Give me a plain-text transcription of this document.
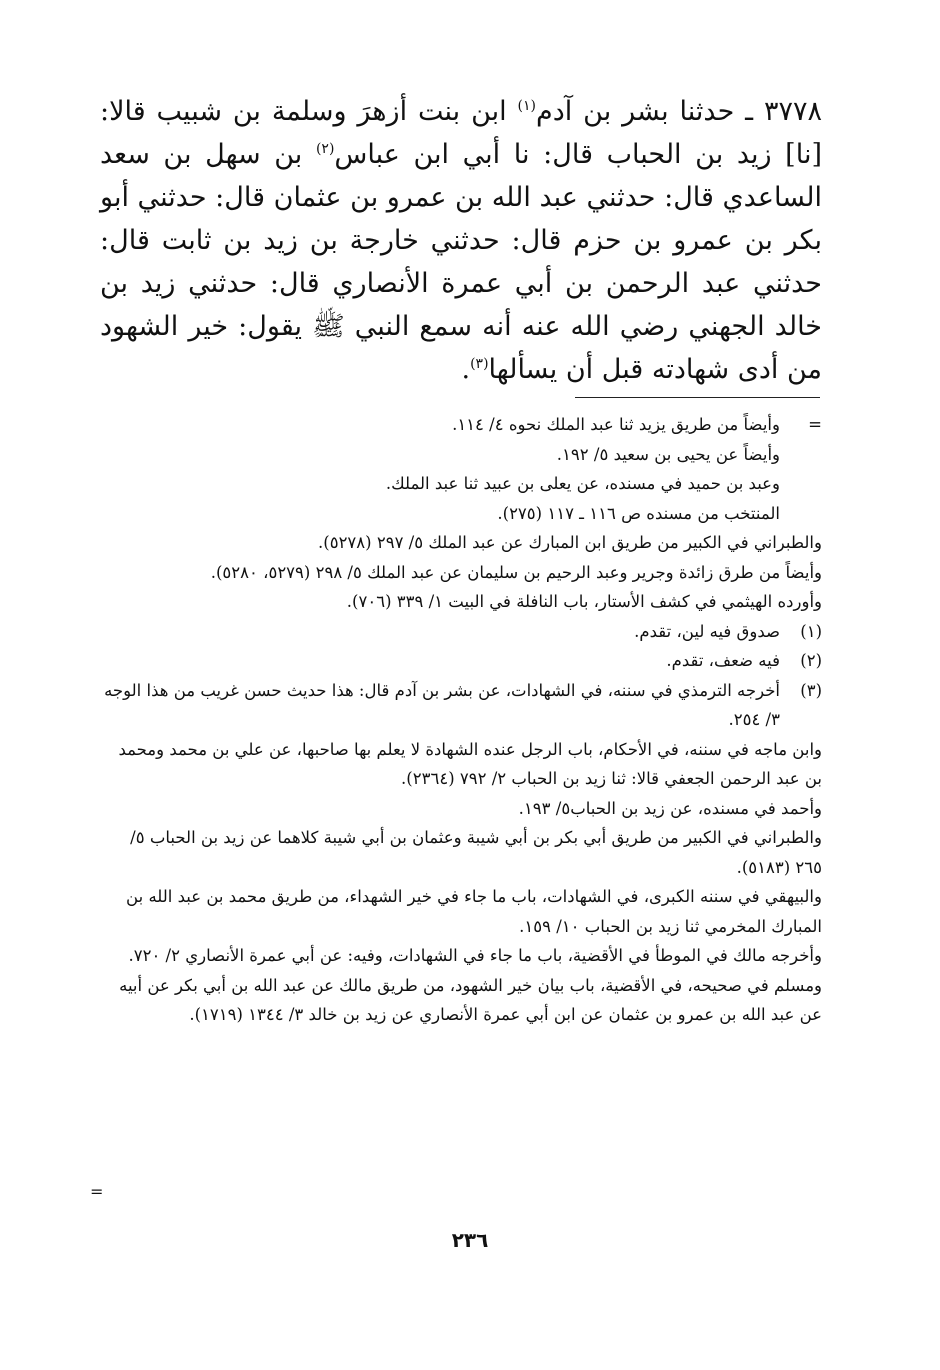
٣٧٧٨ ـ حدثنا بشر بن آدم$^{(١)}$ ابن بنت أزهرَ وسلمة بن شبيب قالا: [نا] زيد بن الحباب قال: نا أبي ابن عباس$^{(٢)}$ بن سهل بن سعد الساعدي قال: حدثني عبد الله بن عمرو بن عثمان قال: حدثني أبو بكر بن عمرو بن حزم قال: حدثني خارجة بن زيد بن ثابت قال: حدثني عبد الرحمن بن أبي عمرة الأنصاري قال: حدثني زيد بن خالد الجهني رضي الله عنه أنه سمع النبي ﷺ يقول: خير الشهود من أدى شهادته قبل أن يسألها$^{(٣)}$.

=
وأيضاً من طريق يزيد ثنا عبد الملك نحوه ٤/ ١١٤.
وأيضاً عن يحيى بن سعيد ٥/ ١٩٢.
وعبد بن حميد في مسنده، عن يعلى بن عبيد ثنا عبد الملك.
المنتخب من مسنده ص ١١٦ ـ ١١٧ (٢٧٥).
والطبراني في الكبير من طريق ابن المبارك عن عبد الملك ٥/ ٢٩٧ (٥٢٧٨).
وأيضاً من طرق زائدة وجرير وعبد الرحيم بن سليمان عن عبد الملك ٥/ ٢٩٨ (٥٢٧٩، ٥٢٨٠).
وأورده الهيثمي في كشف الأستار، باب النافلة في البيت ١/ ٣٣٩ (٧٠٦).
(١)
صدوق فيه لين، تقدم.
(٢)
فيه ضعف، تقدم.
(٣)
أخرجه الترمذي في سننه، في الشهادات، عن بشر بن آدم قال: هذا حديث حسن غريب من هذا الوجه ٣/ ٢٥٤.
وابن ماجه في سننه، في الأحكام، باب الرجل عنده الشهادة لا يعلم بها صاحبها، عن علي بن محمد ومحمد بن عبد الرحمن الجعفي قالا: ثنا زيد بن الحباب ٢/ ٧٩٢ (٢٣٦٤).
وأحمد في مسنده، عن زيد بن الحباب٥/ ١٩٣.
والطبراني في الكبير من طريق أبي بكر بن أبي شيبة وعثمان بن أبي شيبة كلاهما عن زيد بن الحباب ٥/ ٢٦٥ (٥١٨٣).
والبيهقي في سننه الكبرى، في الشهادات، باب ما جاء في خير الشهداء، من طريق محمد بن عبد الله بن المبارك المخرمي ثنا زيد بن الحباب ١٠/ ١٥٩.
وأخرجه مالك في الموطأ في الأقضية، باب ما جاء في الشهادات، وفيه: عن أبي عمرة الأنصاري ٢/ ٧٢٠.
ومسلم في صحيحه، في الأقضية، باب بيان خير الشهود، من طريق مالك عن عبد الله بن أبي بكر عن أبيه عن عبد الله بن عمرو بن عثمان عن ابن أبي عمرة الأنصاري عن زيد بن خالد ٣/ ١٣٤٤ (١٧١٩).
=
٢٣٦
